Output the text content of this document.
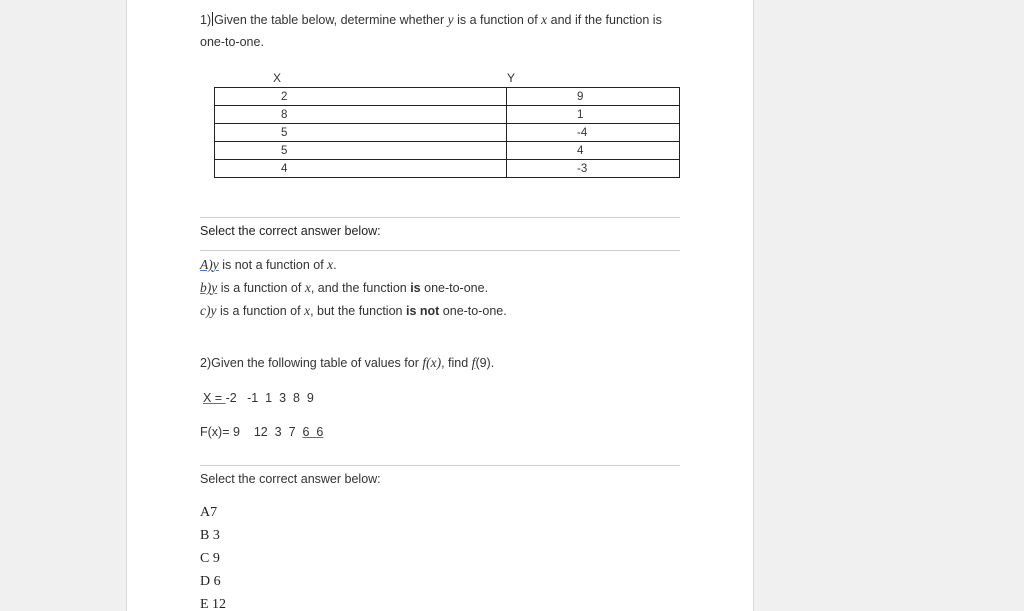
1) Given the table below, determine whether y is a function of x and if the function is one-to-one.
X	Y
2	9
8	1
5	-4
5	4
4	-3
Select the correct answer below:
A)y is not a function of x.
b)y is a function of x, and the function is one-to-one.
c)y is a function of x, but the function is not one-to-one.
2)Given the following table of values for f(x), find f(9).
X = -2   -1  1  3  8  9
F(x)= 9    12  3  7  6  6
Select the correct answer below:
A7
B 3
C 9
D 6
E 12
